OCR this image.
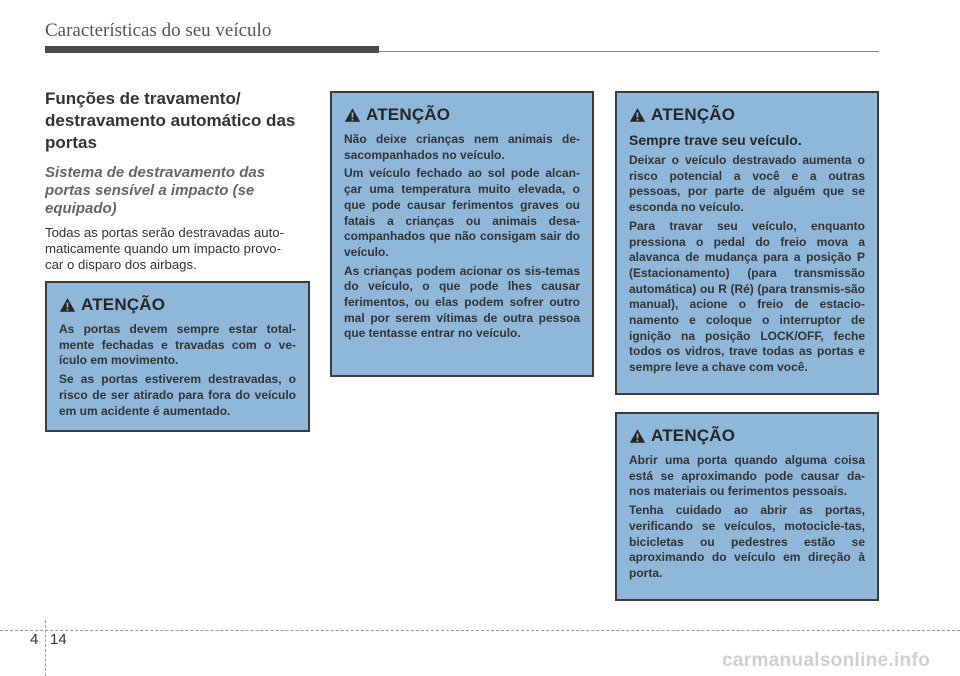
Características do seu veículo
Funções de travamento/
destravamento automático das
portas
Sistema de destravamento das
portas sensível a impacto (se
equipado)

Todas as portas serão destravadas auto-
maticamente quando um impacto provo-
car o disparo dos airbags.

ATENÇÃO

As portas devem sempre estar total-mente fechadas e travadas com o ve-ículo em movimento.

Se as portas estiverem destravadas, o risco de ser atirado para fora do veículo em um acidente é aumentado.

ATENÇÃO

Não deixe crianças nem animais de-sacompanhados no veículo.

Um veículo fechado ao sol pode alcan-çar uma temperatura muito elevada, o que pode causar ferimentos graves ou fatais a crianças ou animais desa-companhados que não consigam sair do veículo.

As crianças podem acionar os sis-temas do veículo, o que pode lhes causar ferimentos, ou elas podem sofrer outro mal por serem vítimas de outra pessoa que tentasse entrar no veículo.

ATENÇÃO

Sempre trave seu veículo.

Deixar o veículo destravado aumenta o risco potencial a você e a outras pessoas, por parte de alguém que se esconda no veículo.

Para travar seu veículo, enquanto pressiona o pedal do freio mova a alavanca de mudança para a posição P (Estacionamento) (para transmissão automática) ou R (Ré) (para transmis-são manual), acione o freio de estacio-namento e coloque o interruptor de ignição na posição LOCK/OFF, feche todos os vidros, trave todas as portas e sempre leve a chave com você.

ATENÇÃO

Abrir uma porta quando alguma coisa está se aproximando pode causar da-nos materiais ou ferimentos pessoais.

Tenha cuidado ao abrir as portas, verificando se veículos, motocicle-tas, bicicletas ou pedestres estão se aproximando do veículo em direção à porta.

4 14
carmanualsonline.info
